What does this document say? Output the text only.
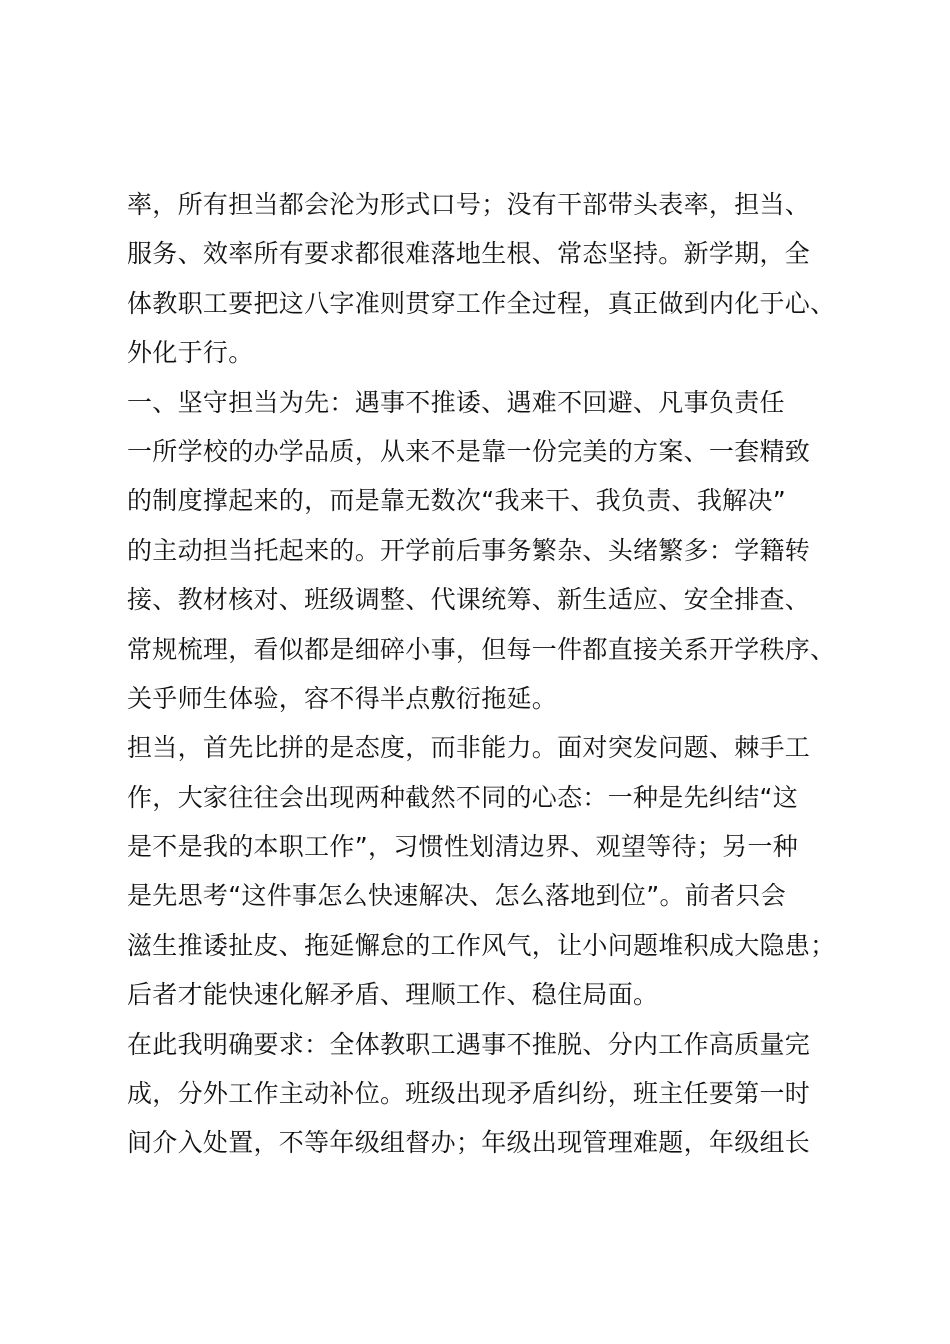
率，所有担当都会沦为形式口号；没有干部带头表率，担当、
服务、效率所有要求都很难落地生根、常态坚持。新学期，全
体教职工要把这八字准则贯穿工作全过程，真正做到内化于心、
外化于行。
一、坚守担当为先：遇事不推诿、遇难不回避、凡事负责任
一所学校的办学品质，从来不是靠一份完美的方案、一套精致
的制度撑起来的，而是靠无数次“我来干、我负责、我解决”
的主动担当托起来的。开学前后事务繁杂、头绪繁多：学籍转
接、教材核对、班级调整、代课统筹、新生适应、安全排查、
常规梳理，看似都是细碎小事，但每一件都直接关系开学秩序、
关乎师生体验，容不得半点敷衍拖延。
担当，首先比拼的是态度，而非能力。面对突发问题、棘手工
作，大家往往会出现两种截然不同的心态：一种是先纠结“这
是不是我的本职工作”，习惯性划清边界、观望等待；另一种
是先思考“这件事怎么快速解决、怎么落地到位”。前者只会
滋生推诿扯皮、拖延懈怠的工作风气，让小问题堆积成大隐患；
后者才能快速化解矛盾、理顺工作、稳住局面。
在此我明确要求：全体教职工遇事不推脱、分内工作高质量完
成，分外工作主动补位。班级出现矛盾纠纷，班主任要第一时
间介入处置，不等年级组督办；年级出现管理难题，年级组长
